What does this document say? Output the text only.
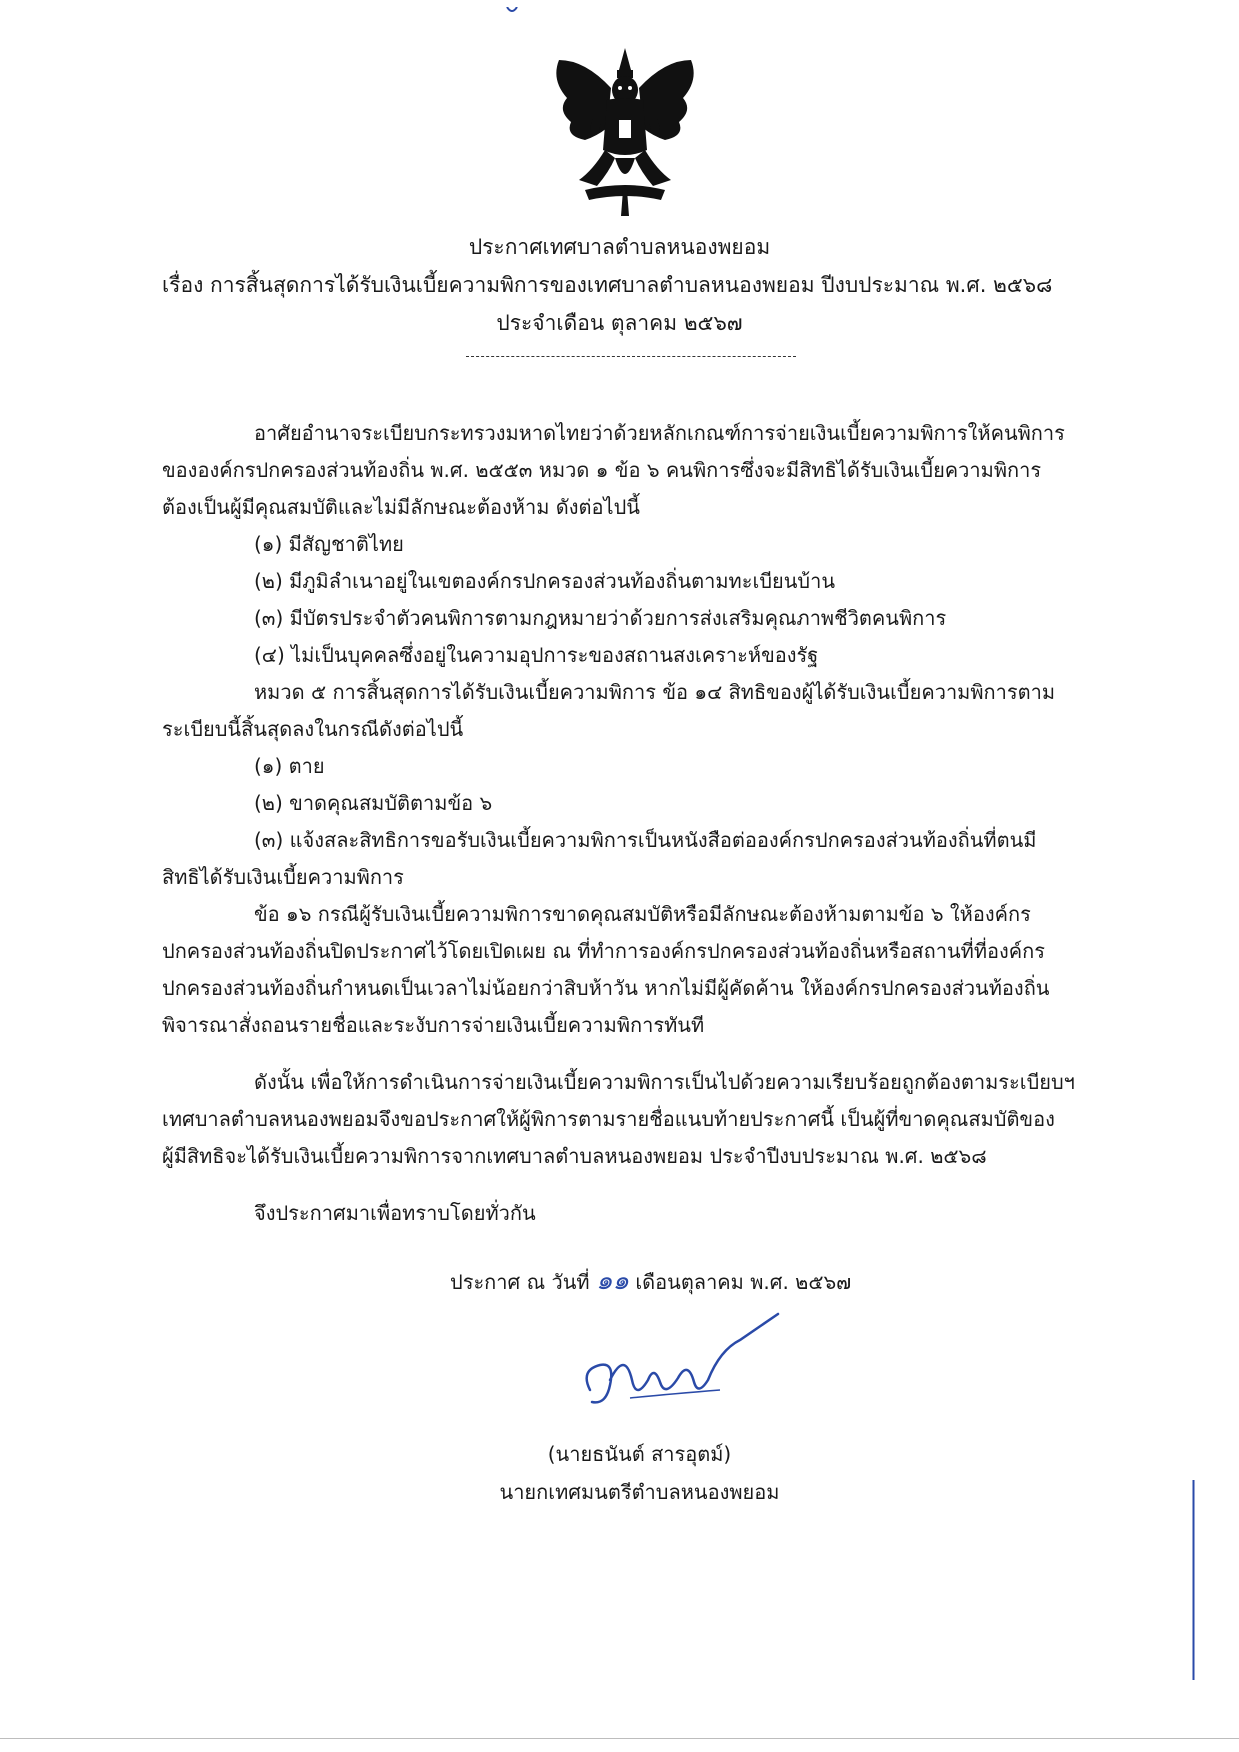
ประกาศเทศบาลตำบลหนองพยอม
เรื่อง การสิ้นสุดการได้รับเงินเบี้ยความพิการของเทศบาลตำบลหนองพยอม ปีงบประมาณ พ.ศ. ๒๕๖๘
ประจำเดือน ตุลาคม ๒๕๖๗

อาศัยอำนาจระเบียบกระทรวงมหาดไทยว่าด้วยหลักเกณฑ์การจ่ายเงินเบี้ยความพิการให้คนพิการ

ขององค์กรปกครองส่วนท้องถิ่น พ.ศ. ๒๕๕๓ หมวด ๑ ข้อ ๖ คนพิการซึ่งจะมีสิทธิได้รับเงินเบี้ยความพิการ

ต้องเป็นผู้มีคุณสมบัติและไม่มีลักษณะต้องห้าม ดังต่อไปนี้

(๑) มีสัญชาติไทย

(๒) มีภูมิลำเนาอยู่ในเขตองค์กรปกครองส่วนท้องถิ่นตามทะเบียนบ้าน

(๓) มีบัตรประจำตัวคนพิการตามกฎหมายว่าด้วยการส่งเสริมคุณภาพชีวิตคนพิการ

(๔) ไม่เป็นบุคคลซึ่งอยู่ในความอุปการะของสถานสงเคราะห์ของรัฐ

หมวด ๕ การสิ้นสุดการได้รับเงินเบี้ยความพิการ ข้อ ๑๔ สิทธิของผู้ได้รับเงินเบี้ยความพิการตาม

ระเบียบนี้สิ้นสุดลงในกรณีดังต่อไปนี้

(๑) ตาย

(๒) ขาดคุณสมบัติตามข้อ ๖

(๓) แจ้งสละสิทธิการขอรับเงินเบี้ยความพิการเป็นหนังสือต่อองค์กรปกครองส่วนท้องถิ่นที่ตนมี

สิทธิได้รับเงินเบี้ยความพิการ

ข้อ ๑๖ กรณีผู้รับเงินเบี้ยความพิการขาดคุณสมบัติหรือมีลักษณะต้องห้ามตามข้อ ๖ ให้องค์กร

ปกครองส่วนท้องถิ่นปิดประกาศไว้โดยเปิดเผย ณ ที่ทำการองค์กรปกครองส่วนท้องถิ่นหรือสถานที่ที่องค์กร

ปกครองส่วนท้องถิ่นกำหนดเป็นเวลาไม่น้อยกว่าสิบห้าวัน หากไม่มีผู้คัดค้าน ให้องค์กรปกครองส่วนท้องถิ่น

พิจารณาสั่งถอนรายชื่อและระงับการจ่ายเงินเบี้ยความพิการทันที

ดังนั้น เพื่อให้การดำเนินการจ่ายเงินเบี้ยความพิการเป็นไปด้วยความเรียบร้อยถูกต้องตามระเบียบฯ

เทศบาลตำบลหนองพยอมจึงขอประกาศให้ผู้พิการตามรายชื่อแนบท้ายประกาศนี้ เป็นผู้ที่ขาดคุณสมบัติของ

ผู้มีสิทธิจะได้รับเงินเบี้ยความพิการจากเทศบาลตำบลหนองพยอม ประจำปีงบประมาณ พ.ศ. ๒๕๖๘

จึงประกาศมาเพื่อทราบโดยทั่วกัน

ประกาศ ณ วันที่ ๑๑ เดือนตุลาคม พ.ศ. ๒๕๖๗
(นายธนันต์ สารอุตม์)
นายกเทศมนตรีตำบลหนองพยอม
